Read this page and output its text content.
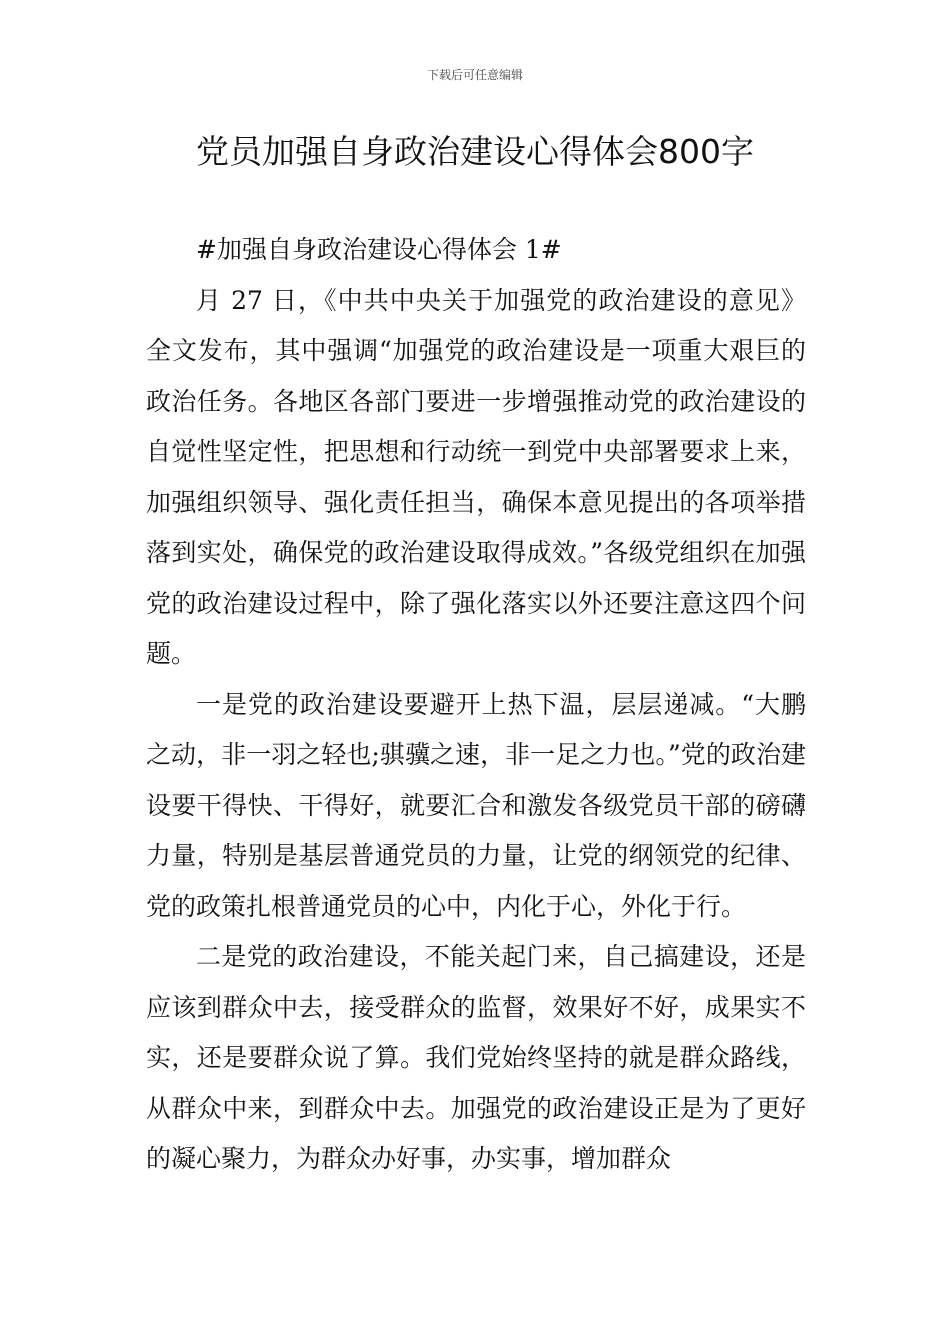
下载后可任意编辑
党员加强自身政治建设心得体会800字

#加强自身政治建设心得体会 1#

月 27 日，《中共中央关于加强党的政治建设的意见》全文发布，其中强调“加强党的政治建设是一项重大艰巨的政治任务。各地区各部门要进一步增强推动党的政治建设的自觉性坚定性，把思想和行动统一到党中央部署要求上来，加强组织领导、强化责任担当，确保本意见提出的各项举措落到实处，确保党的政治建设取得成效。”各级党组织在加强党的政治建设过程中，除了强化落实以外还要注意这四个问题。

一是党的政治建设要避开上热下温，层层递减。“大鹏之动，非一羽之轻也;骐骥之速，非一足之力也。”党的政治建设要干得快、干得好，就要汇合和激发各级党员干部的磅礴力量，特别是基层普通党员的力量，让党的纲领党的纪律、党的政策扎根普通党员的心中，内化于心，外化于行。

二是党的政治建设，不能关起门来，自己搞建设，还是应该到群众中去，接受群众的监督，效果好不好，成果实不实，还是要群众说了算。我们党始终坚持的就是群众路线，从群众中来，到群众中去。加强党的政治建设正是为了更好的凝心聚力，为群众办好事，办实事，增加群众
